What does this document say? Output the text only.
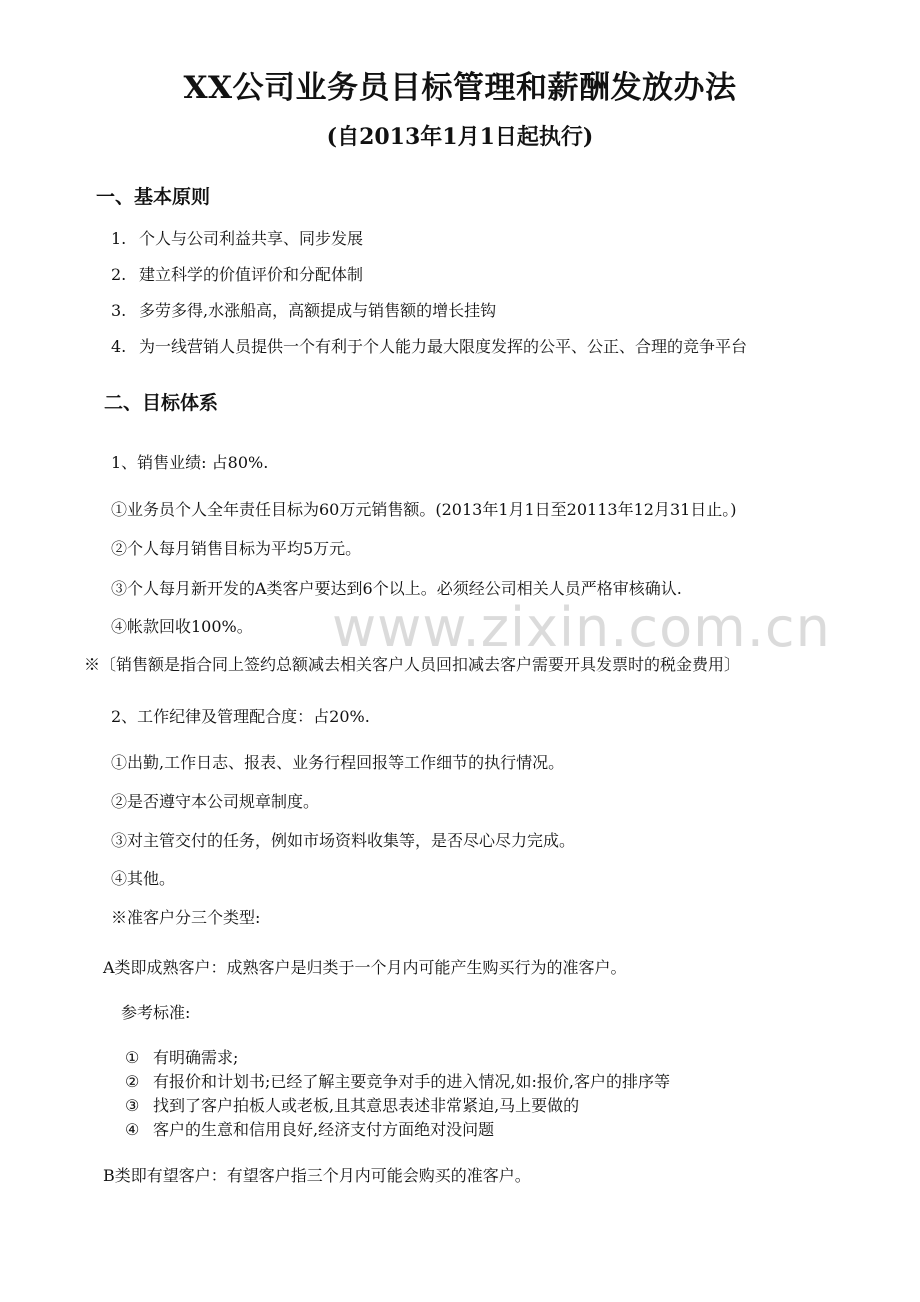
www.zixin.com.cn
XX公司业务员目标管理和薪酬发放办法
(自2013年1月1日起执行)
一、基本原则
1. 个人与公司利益共享、同步发展
2. 建立科学的价值评价和分配体制
3. 多劳多得,水涨船高，高额提成与销售额的增长挂钩
4. 为一线营销人员提供一个有利于个人能力最大限度发挥的公平、公正、合理的竞争平台
二、目标体系
1、销售业绩: 占80%.
①业务员个人全年责任目标为60万元销售额。(2013年1月1日至20113年12月31日止。)
②个人每月销售目标为平均5万元。
③个人每月新开发的A类客户要达到6个以上。必须经公司相关人员严格审核确认.
④帐款回收100%。
※〔销售额是指合同上签约总额减去相关客户人员回扣减去客户需要开具发票时的税金费用〕
2、工作纪律及管理配合度：占20%.
①出勤,工作日志、报表、业务行程回报等工作细节的执行情况。
②是否遵守本公司规章制度。
③对主管交付的任务，例如市场资料收集等，是否尽心尽力完成。
④其他。
※准客户分三个类型:
A类即成熟客户：成熟客户是归类于一个月内可能产生购买行为的准客户。
参考标准:
① 有明确需求;
② 有报价和计划书;已经了解主要竞争对手的进入情况,如:报价,客户的排序等
③ 找到了客户拍板人或老板,且其意思表述非常紧迫,马上要做的
④ 客户的生意和信用良好,经济支付方面绝对没问题
B类即有望客户：有望客户指三个月内可能会购买的准客户。
